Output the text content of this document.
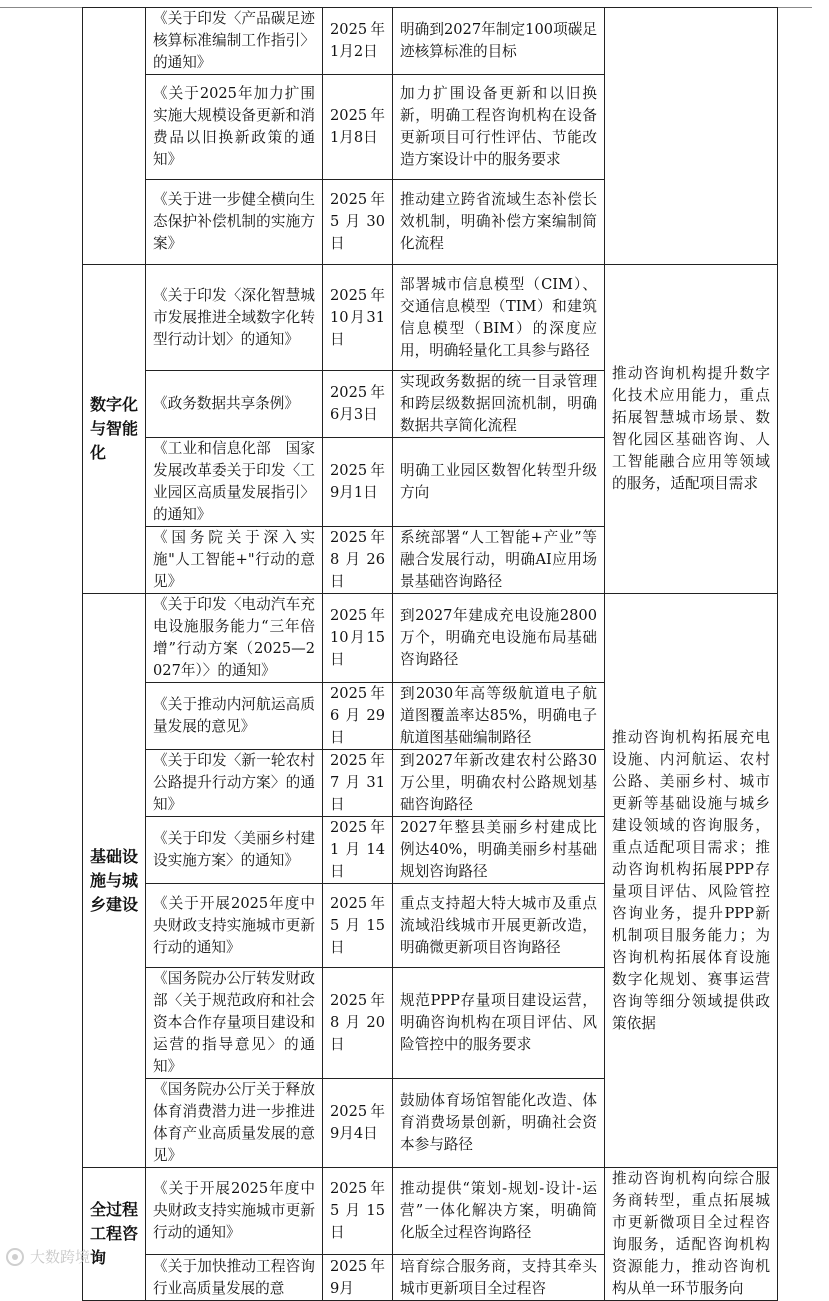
	《关于印发〈产品碳足迹核算标准编制工作指引〉的通知》	2025年1月2日	明确到2027年制定100项碳足迹核算标准的目标	
	《关于2025年加力扩围实施大规模设备更新和消费品以旧换新政策的通知》	2025年1月8日	加力扩围设备更新和以旧换新，明确工程咨询机构在设备更新项目可行性评估、节能改造方案设计中的服务要求	
	《关于进一步健全横向生态保护补偿机制的实施方案》	2025年5月30日	推动建立跨省流域生态补偿长效机制，明确补偿方案编制简化流程	
数字化与智能化	《关于印发〈深化智慧城市发展推进全域数字化转型行动计划〉的通知》	2025年10月31日	部署城市信息模型（CIM）、交通信息模型（TIM）和建筑信息模型（BIM）的深度应用，明确轻量化工具参与路径	推动咨询机构提升数字化技术应用能力，重点拓展智慧城市场景、数智化园区基础咨询、人工智能融合应用等领域的服务，适配项目需求
	《政务数据共享条例》	2025年6月3日	实现政务数据的统一目录管理和跨层级数据回流机制，明确数据共享简化流程	
	《工业和信息化部　国家发展改革委关于印发〈工业园区高质量发展指引〉的通知》	2025年9月1日	明确工业园区数智化转型升级方向	
	《国务院关于深入实施"人工智能+"行动的意见》	2025年8月26日	系统部署“人工智能+产业”等融合发展行动，明确AI应用场景基础咨询路径	
基础设施与城乡建设	《关于印发〈电动汽车充电设施服务能力“三年倍增”行动方案（2025—2027年）〉的通知》	2025年10月15日	到2027年建成充电设施2800万个，明确充电设施布局基础咨询路径	推动咨询机构拓展充电设施、内河航运、农村公路、美丽乡村、城市更新等基础设施与城乡建设领域的咨询服务，重点适配项目需求；推动咨询机构拓展PPP存量项目评估、风险管控咨询业务，提升PPP新机制项目服务能力；为咨询机构拓展体育设施数字化规划、赛事运营咨询等细分领域提供政策依据
	《关于推动内河航运高质量发展的意见》	2025年6月29日	到2030年高等级航道电子航道图覆盖率达85%，明确电子航道图基础编制路径	
	《关于印发〈新一轮农村公路提升行动方案〉的通知》	2025年7月31日	到2027年新改建农村公路30万公里，明确农村公路规划基础咨询路径	
	《关于印发〈美丽乡村建设实施方案〉的通知》	2025年1月14日	2027年整县美丽乡村建成比例达40%，明确美丽乡村基础规划咨询路径	
	《关于开展2025年度中央财政支持实施城市更新行动的通知》	2025年5月15日	重点支持超大特大城市及重点流域沿线城市开展更新改造，明确微更新项目咨询路径	
	《国务院办公厅转发财政部〈关于规范政府和社会资本合作存量项目建设和运营的指导意见〉的通知》	2025年8月20日	规范PPP存量项目建设运营，明确咨询机构在项目评估、风险管控中的服务要求	
	《国务院办公厅关于释放体育消费潜力进一步推进体育产业高质量发展的意见》	2025年9月4日	鼓励体育场馆智能化改造、体育消费场景创新，明确社会资本参与路径	
全过程工程咨询	《关于开展2025年度中央财政支持实施城市更新行动的通知》	2025年5月15日	推动提供“策划-规划-设计-运营”一体化解决方案，明确简化版全过程咨询路径	推动咨询机构向综合服务商转型，重点拓展城市更新微项目全过程咨询服务，适配咨询机构资源能力，推动咨询机构从单一环节服务向
	《关于加快推动工程咨询行业高质量发展的意	2025年9月	培育综合服务商，支持其牵头城市更新项目全过程咨	
大数跨境
